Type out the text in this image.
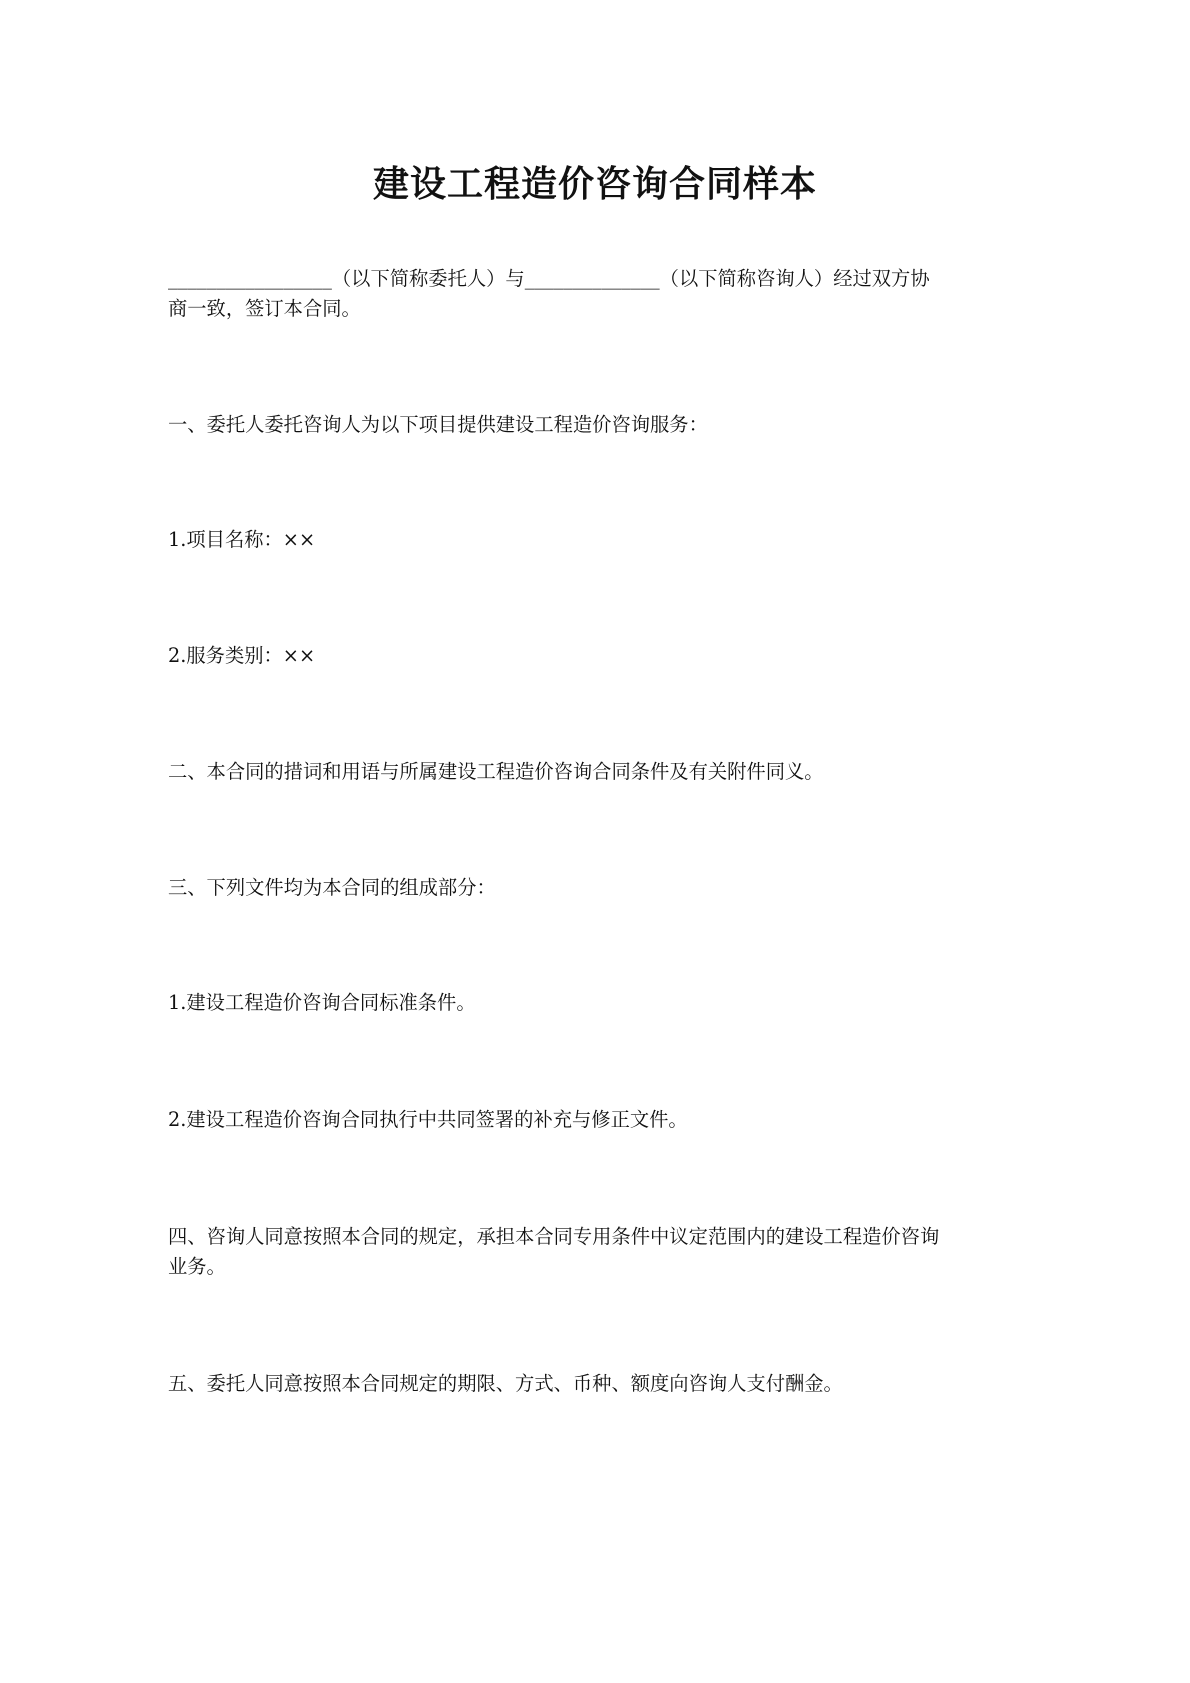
建设工程造价咨询合同样本
_________________（以下简称委托人）与______________（以下简称咨询人）经过双方协商一致，签订本合同。
一、委托人委托咨询人为以下项目提供建设工程造价咨询服务：
1.项目名称：××
2.服务类别：××
二、本合同的措词和用语与所属建设工程造价咨询合同条件及有关附件同义。
三、下列文件均为本合同的组成部分：
1.建设工程造价咨询合同标准条件。
2.建设工程造价咨询合同执行中共同签署的补充与修正文件。
四、咨询人同意按照本合同的规定，承担本合同专用条件中议定范围内的建设工程造价咨询业务。
五、委托人同意按照本合同规定的期限、方式、币种、额度向咨询人支付酬金。
